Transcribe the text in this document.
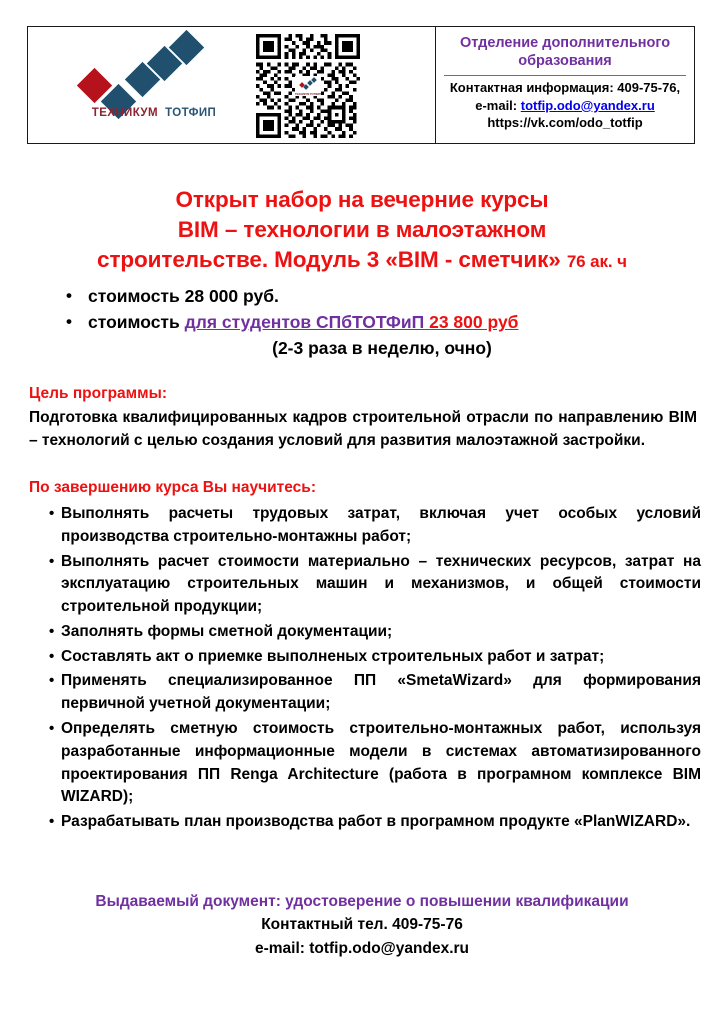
ТЕХНИКУМ ТОТФИП
ТЕХНИКУМ ТОТФИП
Отделение дополнительного образования
Контактная информация: 409-75-76,
e-mail: totfip.odo@yandex.ru
https://vk.com/odo_totfip
Открыт набор на вечерние курсы
BIM – технологии в малоэтажном
строительстве. Модуль 3 «BIM - сметчик» 76 ак. ч
• стоимость 28 000 руб.
• стоимость для студентов СПбТОТФиП 23 800 руб
(2-3 раза в неделю, очно)
Цель программы:
Подготовка квалифицированных кадров строительной отрасли по направлению BIM – технологий с целью создания условий для развития малоэтажной застройки.
По завершению курса Вы научитесь:
• Выполнять расчеты трудовых затрат, включая учет особых условий производства строительно-монтажны работ;
• Выполнять расчет стоимости материально – технических ресурсов, затрат на эксплуатацию строительных машин и механизмов, и общей стоимости строительной продукции;
• Заполнять формы сметной документации;
• Составлять акт о приемке выполненых строительных работ и затрат;
• Применять специализированное ПП «SmetaWizard» для формирования первичной учетной документации;
• Определять сметную стоимость строительно-монтажных работ, используя разработанные информационные модели в системах автоматизированного проектирования ПП Renga Architecture (работа в програмном комплексе BIM WIZARD);
• Разрабатывать план производства работ в програмном продукте «PlanWIZARD».
Выдаваемый документ: удостоверение о повышении квалификации
Контактный тел. 409-75-76
e-mail: totfip.odo@yandex.ru
